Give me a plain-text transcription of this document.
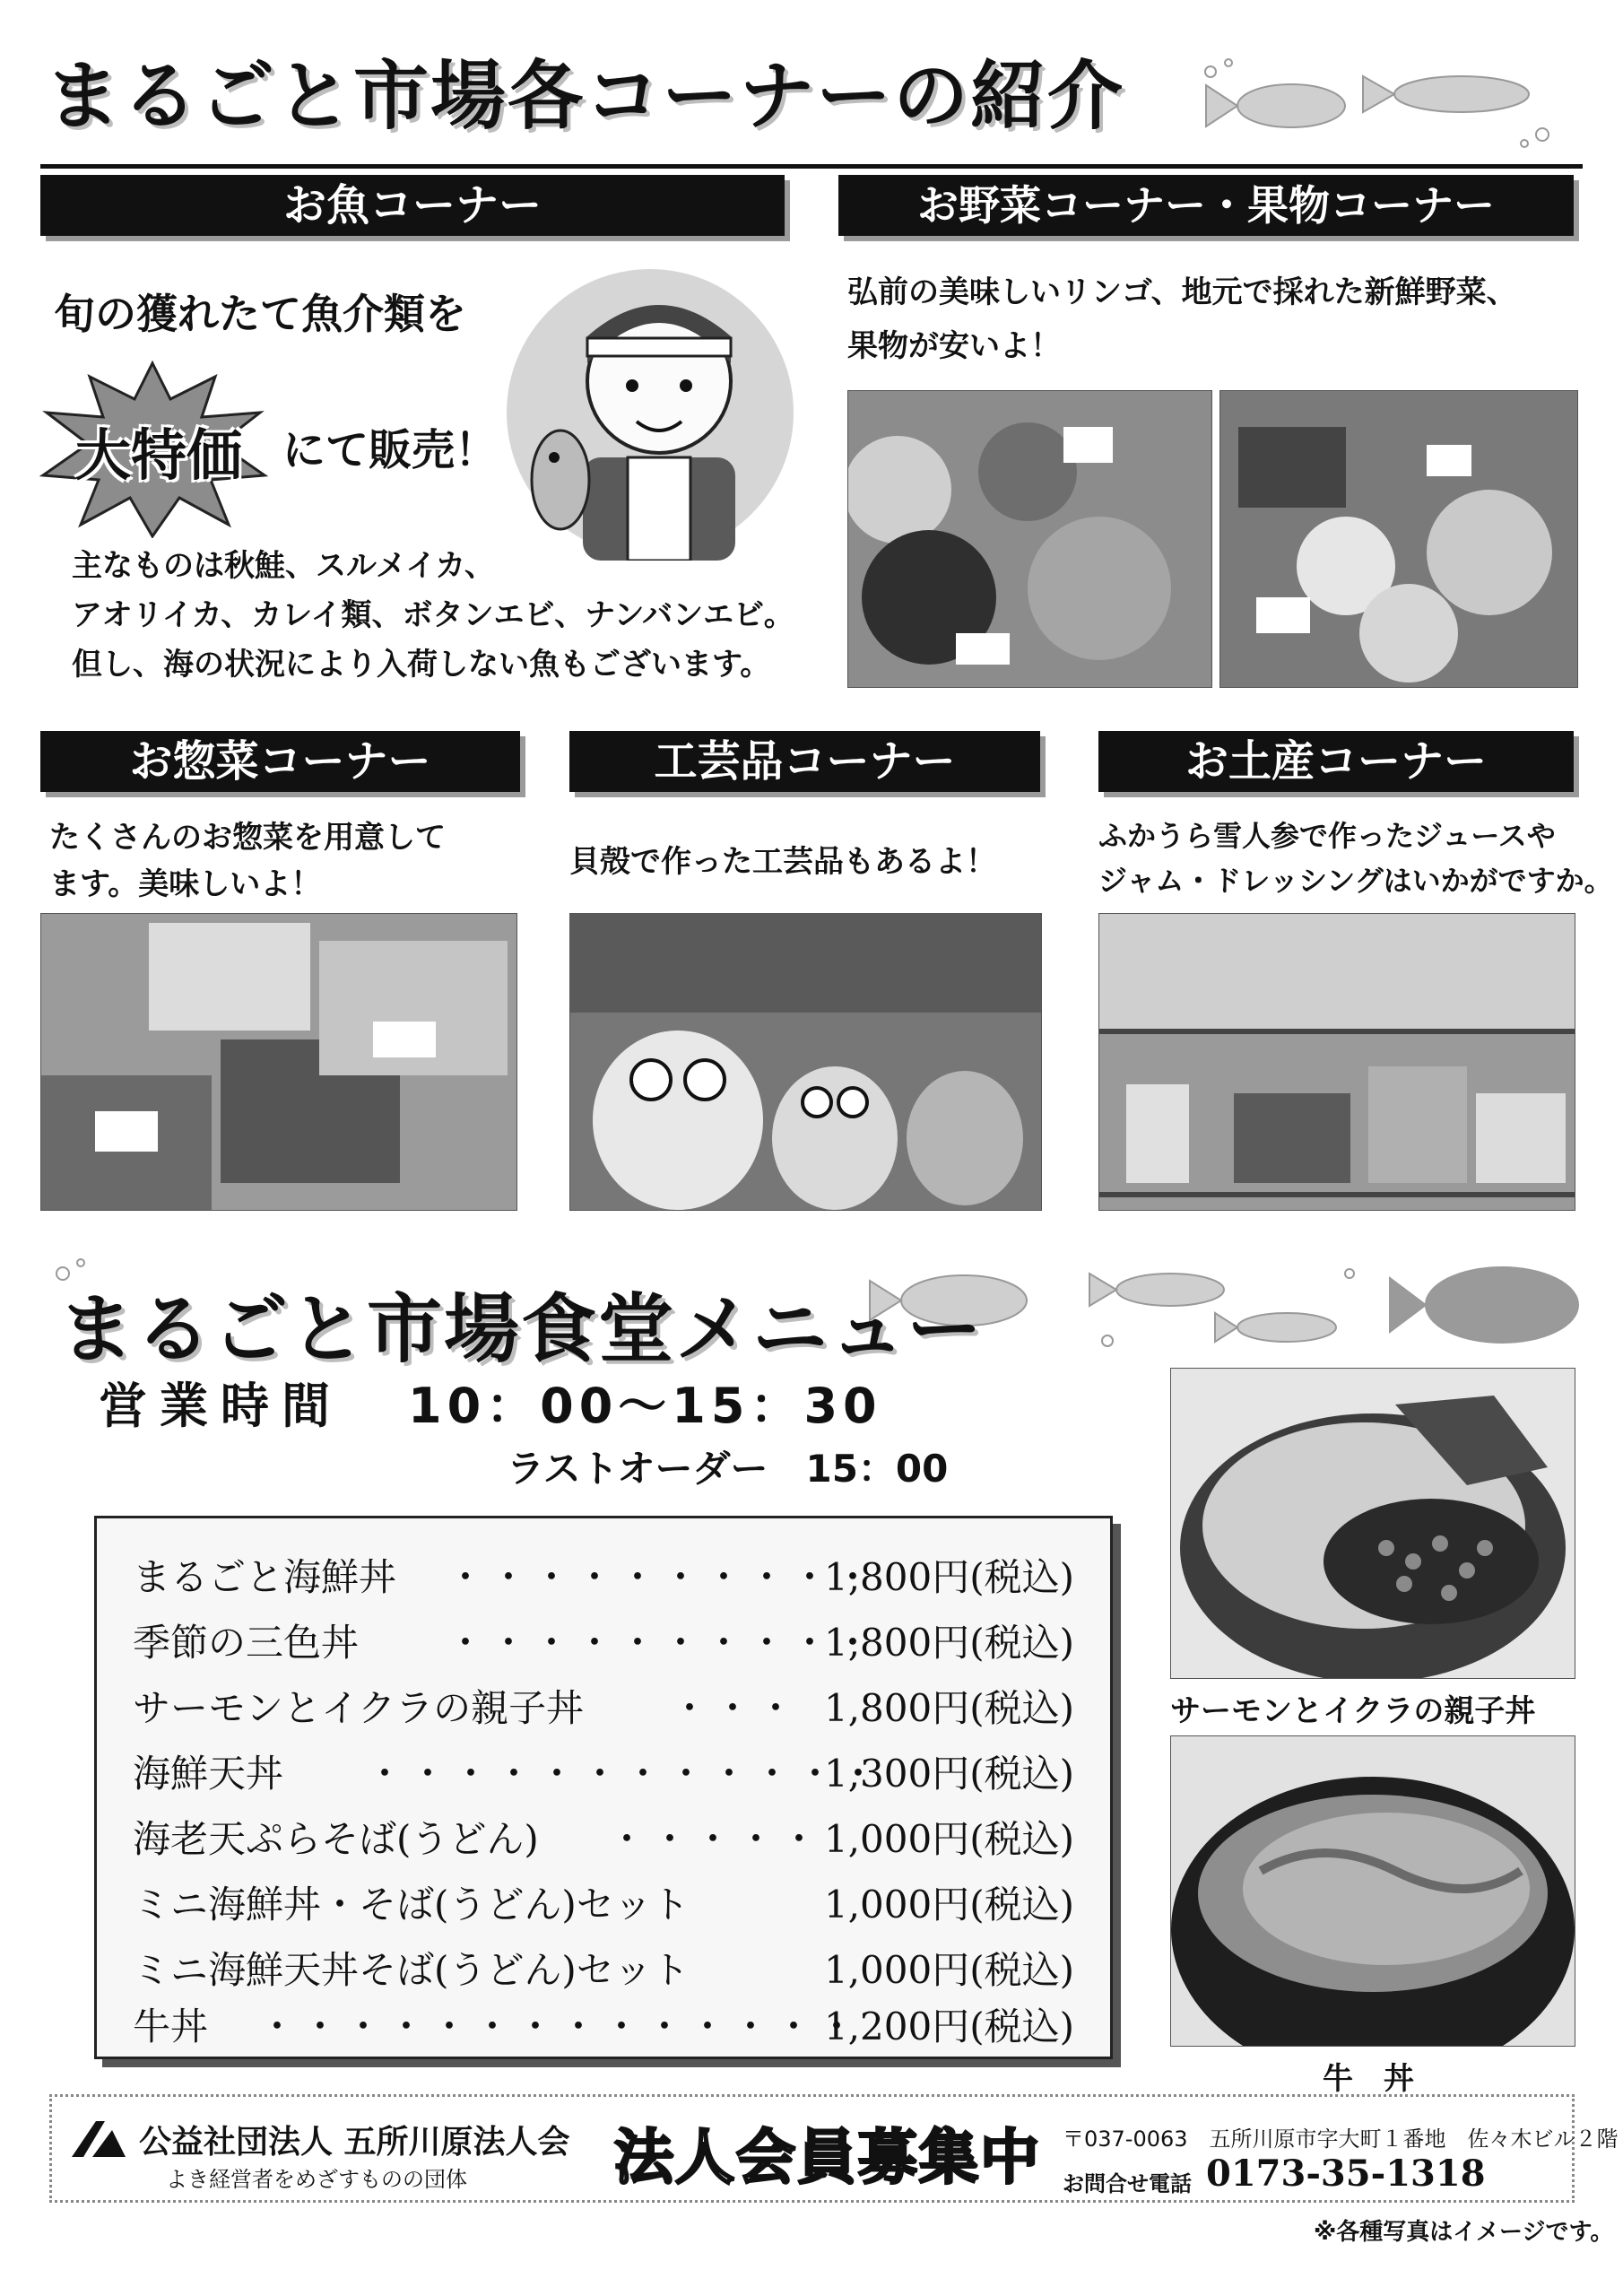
まるごと市場各コーナーの紹介
お魚コーナー
旬の獲れたて魚介類を
大特価 にて販売！
主なものは秋鮭、スルメイカ、
アオリイカ、カレイ類、ボタンエビ、ナンバンエビ。
但し、海の状況により入荷しない魚もございます。
お野菜コーナー・果物コーナー
弘前の美味しいリンゴ、地元で採れた新鮮野菜、
果物が安いよ！
お惣菜コーナー
たくさんのお惣菜を用意して
ます。美味しいよ！
工芸品コーナー
貝殻で作った工芸品もあるよ！
お土産コーナー
ふかうら雪人参で作ったジュースや
ジャム・ドレッシングはいかがですか。
まるごと市場食堂メニュー
営業時間 10：00〜15：30
ラストオーダー　15：00
まるごと海鮮丼 ・・・・・・・・・・
1,800円(税込)
季節の三色丼 ・・・・・・・・・・
1,800円(税込)
サーモンとイクラの親子丼 ・・・ 1,800円(税込)
海鮮天丼 ・・・・・・・・・・・・
1,300円(税込)
海老天ぷらそば(うどん) ・・・・・ 1,000円(税込)
ミニ海鮮丼・そば(うどん)セット	1,000円(税込)
ミニ海鮮天丼そば(うどん)セット	1,000円(税込)
牛丼 ・・・・・・・・・・・・・・
1,200円(税込)
サーモンとイクラの親子丼
牛　丼
公益社団法人 五所川原法人会
よき経営者をめざすものの団体 法人会員募集中 〒037-0063　五所川原市字大町１番地　佐々木ビル２階
お問合せ電話 0173-35-1318
※各種写真はイメージです。
